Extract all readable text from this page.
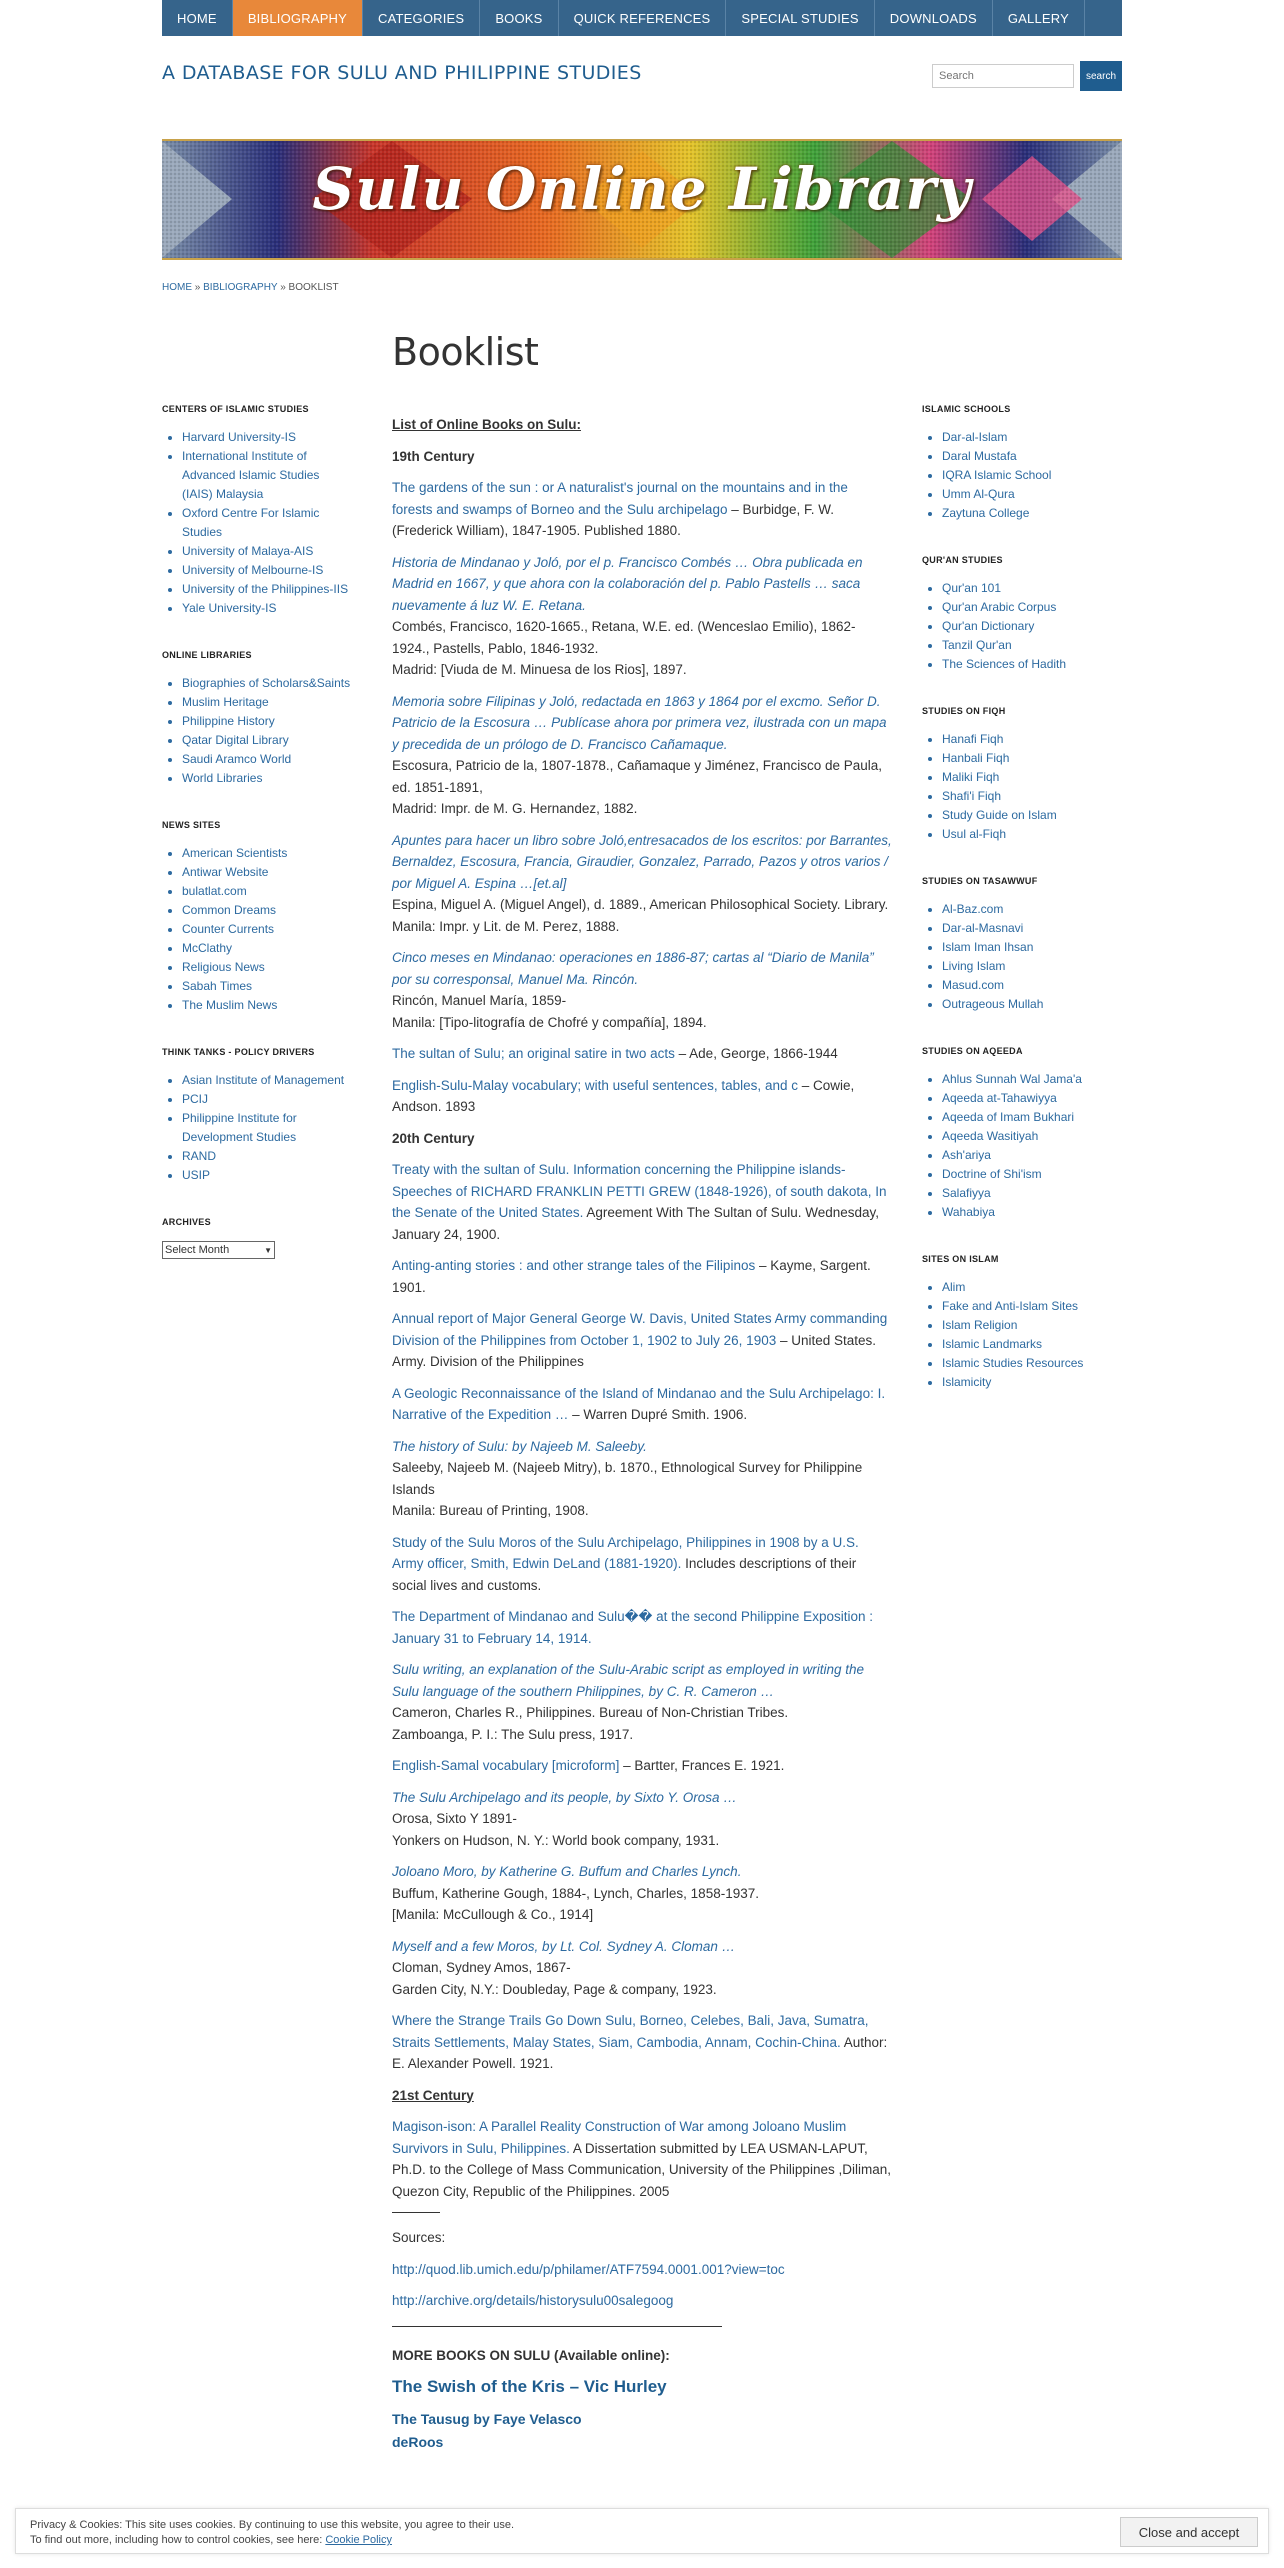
HOME	BIBLIOGRAPHY	CATEGORIES	BOOKS	QUICK REFERENCES	SPECIAL STUDIES	DOWNLOADS	GALLERY
A DATABASE FOR SULU AND PHILIPPINE STUDIES
Search	search
Sulu Online Library
HOME » BIBLIOGRAPHY » BOOKLIST
CENTERS OF ISLAMIC STUDIES
• Harvard University-IS
• International Institute of Advanced Islamic Studies (IAIS) Malaysia
• Oxford Centre For Islamic Studies
• University of Malaya-AIS
• University of Melbourne-IS
• University of the Philippines-IIS
• Yale University-IS
ONLINE LIBRARIES
• Biographies of Scholars&Saints
• Muslim Heritage
• Philippine History
• Qatar Digital Library
• Saudi Aramco World
• World Libraries
NEWS SITES
• American Scientists
• Antiwar Website
• bulatlat.com
• Common Dreams
• Counter Currents
• McClathy
• Religious News
• Sabah Times
• The Muslim News
THINK TANKS - POLICY DRIVERS
• Asian Institute of Management
• PCIJ
• Philippine Institute for Development Studies
• RAND
• USIP
ARCHIVES
Select Month	▼
Booklist

List of Online Books on Sulu:

19th Century

The gardens of the sun : or A naturalist's journal on the mountains and in the forests and swamps of Borneo and the Sulu archipelago – Burbidge, F. W. (Frederick William), 1847-1905. Published 1880.

Historia de Mindanao y Joló, por el p. Francisco Combés … Obra publicada en Madrid en 1667, y que ahora con la colaboración del p. Pablo Pastells … saca nuevamente á luz W. E. Retana.
Combés, Francisco, 1620-1665., Retana, W.E. ed. (Wenceslao Emilio), 1862-1924., Pastells, Pablo, 1846-1932.
Madrid: [Viuda de M. Minuesa de los Rios], 1897.

Memoria sobre Filipinas y Joló, redactada en 1863 y 1864 por el excmo. Señor D. Patricio de la Escosura … Publícase ahora por primera vez, ilustrada con un mapa y precedida de un prólogo de D. Francisco Cañamaque.
Escosura, Patricio de la, 1807-1878., Cañamaque y Jiménez, Francisco de Paula, ed. 1851-1891,
Madrid: Impr. de M. G. Hernandez, 1882.

Apuntes para hacer un libro sobre Joló,entresacados de los escritos: por Barrantes, Bernaldez, Escosura, Francia, Giraudier, Gonzalez, Parrado, Pazos y otros varios / por Miguel A. Espina …[et.al]
Espina, Miguel A. (Miguel Angel), d. 1889., American Philosophical Society. Library.
Manila: Impr. y Lit. de M. Perez, 1888.

Cinco meses en Mindanao: operaciones en 1886-87; cartas al “Diario de Manila” por su corresponsal, Manuel Ma. Rincón.
Rincón, Manuel María, 1859-
Manila: [Tipo-litografía de Chofré y compañía], 1894.

The sultan of Sulu; an original satire in two acts – Ade, George, 1866-1944

English-Sulu-Malay vocabulary; with useful sentences, tables, and c – Cowie, Andson. 1893

20th Century

Treaty with the sultan of Sulu. Information concerning the Philippine islands- Speeches of RICHARD FRANKLIN PETTI GREW (1848-1926), of south dakota, In the Senate of the United States. Agreement With The Sultan of Sulu. Wednesday, January 24, 1900.

Anting-anting stories : and other strange tales of the Filipinos – Kayme, Sargent. 1901.

Annual report of Major General George W. Davis, United States Army commanding Division of the Philippines from October 1, 1902 to July 26, 1903 – United States. Army. Division of the Philippines

A Geologic Reconnaissance of the Island of Mindanao and the Sulu Archipelago: I. Narrative of the Expedition … – Warren Dupré Smith. 1906.

The history of Sulu: by Najeeb M. Saleeby.
Saleeby, Najeeb M. (Najeeb Mitry), b. 1870., Ethnological Survey for Philippine Islands
Manila: Bureau of Printing, 1908.

Study of the Sulu Moros of the Sulu Archipelago, Philippines in 1908 by a U.S. Army officer, Smith, Edwin DeLand (1881-1920). Includes descriptions of their social lives and customs.

The Department of Mindanao and Sulu�� at the second Philippine Exposition : January 31 to February 14, 1914.

Sulu writing, an explanation of the Sulu-Arabic script as employed in writing the Sulu language of the southern Philippines, by C. R. Cameron …
Cameron, Charles R., Philippines. Bureau of Non-Christian Tribes.
Zamboanga, P. I.: The Sulu press, 1917.

English-Samal vocabulary [microform] – Bartter, Frances E. 1921.

The Sulu Archipelago and its people, by Sixto Y. Orosa …
Orosa, Sixto Y 1891-
Yonkers on Hudson, N. Y.: World book company, 1931.

Joloano Moro, by Katherine G. Buffum and Charles Lynch.
Buffum, Katherine Gough, 1884-, Lynch, Charles, 1858-1937.
[Manila: McCullough & Co., 1914]

Myself and a few Moros, by Lt. Col. Sydney A. Cloman …
Cloman, Sydney Amos, 1867-
Garden City, N.Y.: Doubleday, Page & company, 1923.

Where the Strange Trails Go Down Sulu, Borneo, Celebes, Bali, Java, Sumatra, Straits Settlements, Malay States, Siam, Cambodia, Annam, Cochin-China. Author: E. Alexander Powell. 1921.

21st Century

Magison-ison: A Parallel Reality Construction of War among Joloano Muslim Survivors in Sulu, Philippines. A Dissertation submitted by LEA USMAN-LAPUT, Ph.D. to the College of Mass Communication, University of the Philippines ,Diliman, Quezon City, Republic of the Philippines. 2005

Sources:

http://quod.lib.umich.edu/p/philamer/ATF7594.0001.001?view=toc

http://archive.org/details/historysulu00salegoog

MORE BOOKS ON SULU (Available online):

The Swish of the Kris – Vic Hurley

The Tausug by Faye Velasco

deRoos

ISLAMIC SCHOOLS
• Dar-al-Islam
• Daral Mustafa
• IQRA Islamic School
• Umm Al-Qura
• Zaytuna College
QUR'AN STUDIES
• Qur'an 101
• Qur'an Arabic Corpus
• Qur'an Dictionary
• Tanzil Qur'an
• The Sciences of Hadith
STUDIES ON FIQH
• Hanafi Fiqh
• Hanbali Fiqh
• Maliki Fiqh
• Shafi'i Fiqh
• Study Guide on Islam
• Usul al-Fiqh
STUDIES ON TASAWWUF
• Al-Baz.com
• Dar-al-Masnavi
• Islam Iman Ihsan
• Living Islam
• Masud.com
• Outrageous Mullah
STUDIES ON AQEEDA
• Ahlus Sunnah Wal Jama'a
• Aqeeda at-Tahawiyya
• Aqeeda of Imam Bukhari
• Aqeeda Wasitiyah
• Ash'ariya
• Doctrine of Shi'ism
• Salafiyya
• Wahabiya
SITES ON ISLAM
• Alim
• Fake and Anti-Islam Sites
• Islam Religion
• Islamic Landmarks
• Islamic Studies Resources
• Islamicity
Privacy & Cookies: This site uses cookies. By continuing to use this website, you agree to their use.
To find out more, including how to control cookies, see here: Cookie Policy
Close and accept
